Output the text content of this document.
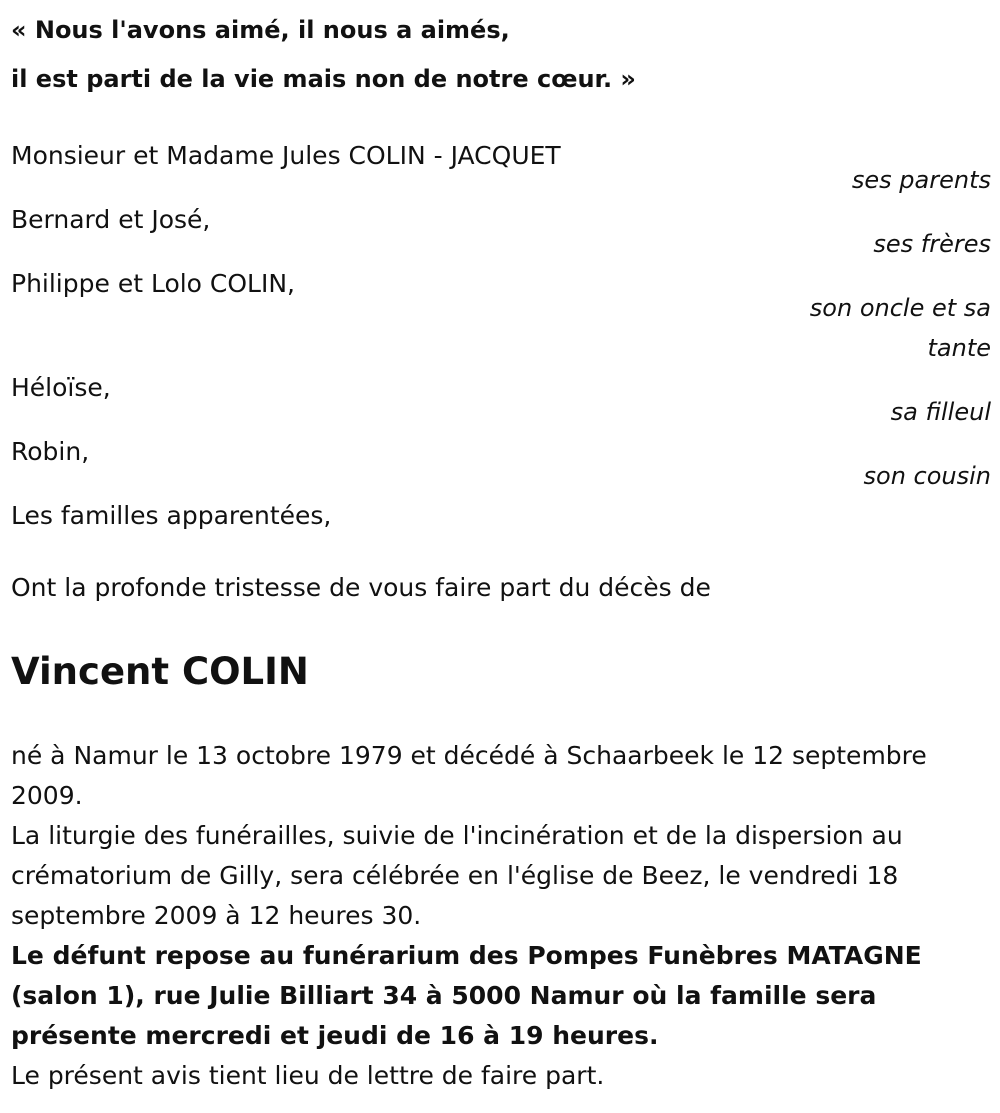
« Nous l'avons aimé, il nous a aimés,
il est parti de la vie mais non de notre cœur. »
Monsieur et Madame Jules COLIN - JACQUET
ses parents
Bernard et José,
ses frères
Philippe et Lolo COLIN,
son oncle et sa tante
Héloïse,
sa filleul
Robin,
son cousin
Les familles apparentées,

Ont la profonde tristesse de vous faire part du décès de

Vincent COLIN

né à Namur le 13 octobre 1979 et décédé à Schaarbeek le 12 septembre 2009.

La liturgie des funérailles, suivie de l'incinération et de la dispersion au crématorium de Gilly, sera célébrée en l'église de Beez, le vendredi 18 septembre 2009 à 12 heures 30.

Le défunt repose au funérarium des Pompes Funèbres MATAGNE (salon 1), rue Julie Billiart 34 à 5000 Namur où la famille sera présente mercredi et jeudi de 16 à 19 heures.

Le présent avis tient lieu de lettre de faire part.
